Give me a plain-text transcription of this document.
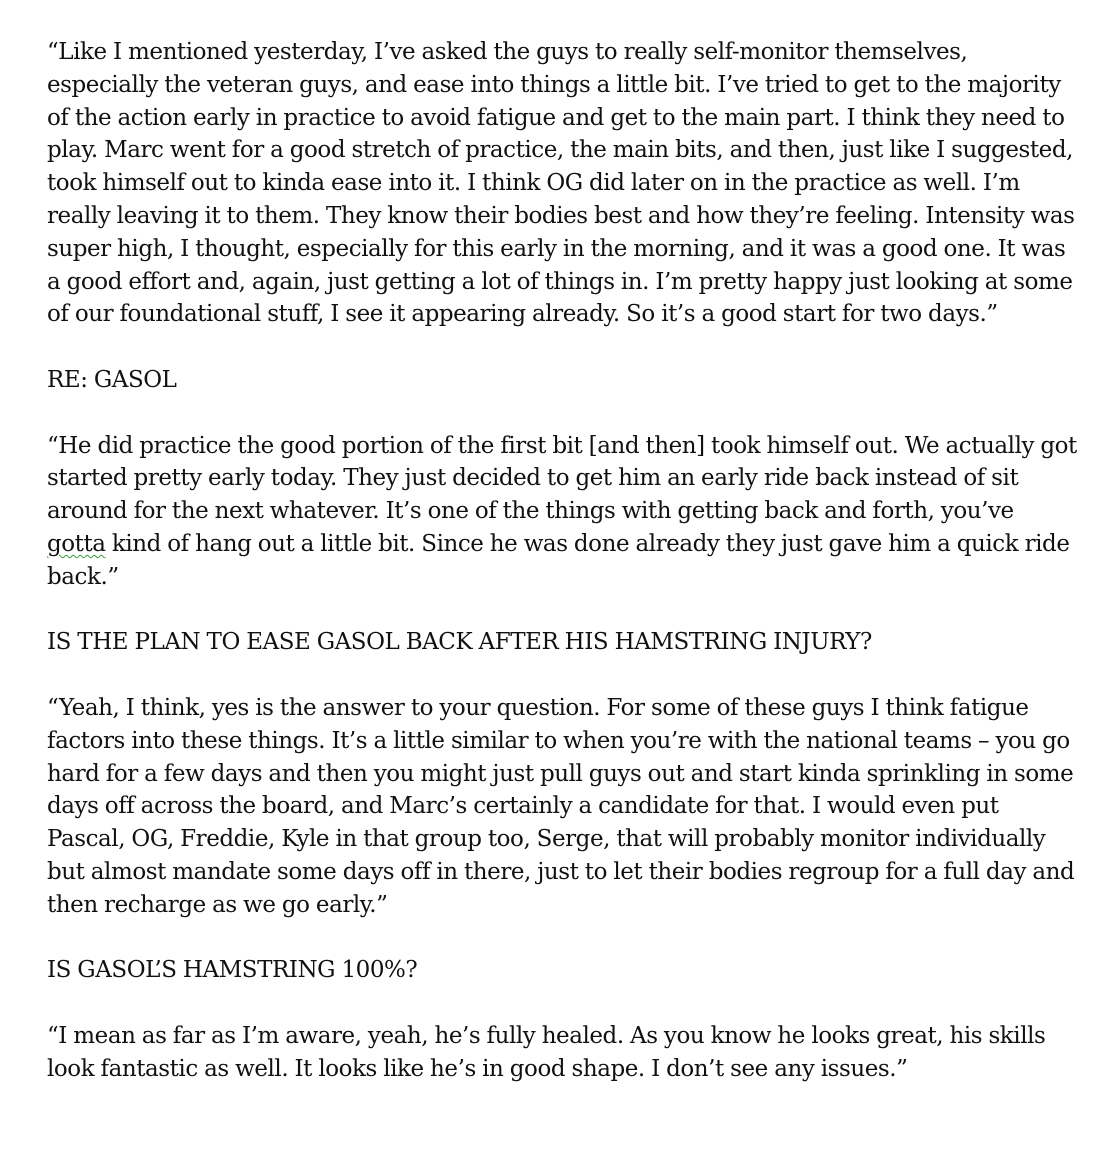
“Like I mentioned yesterday, I’ve asked the guys to really self-monitor themselves, especially the veteran guys, and ease into things a little bit. I’ve tried to get to the majority of the action early in practice to avoid fatigue and get to the main part. I think they need to play. Marc went for a good stretch of practice, the main bits, and then, just like I suggested, took himself out to kinda ease into it. I think OG did later on in the practice as well. I’m really leaving it to them. They know their bodies best and how they’re feeling. Intensity was super high, I thought, especially for this early in the morning, and it was a good one. It was a good effort and, again, just getting a lot of things in. I’m pretty happy just looking at some of our foundational stuff, I see it appearing already. So it’s a good start for two days.”

RE: GASOL

“He did practice the good portion of the first bit [and then] took himself out. We actually got started pretty early today. They just decided to get him an early ride back instead of sit around for the next whatever. It’s one of the things with getting back and forth, you’ve gotta kind of hang out a little bit. Since he was done already they just gave him a quick ride back.”

IS THE PLAN TO EASE GASOL BACK AFTER HIS HAMSTRING INJURY?

“Yeah, I think, yes is the answer to your question. For some of these guys I think fatigue factors into these things. It’s a little similar to when you’re with the national teams – you go hard for a few days and then you might just pull guys out and start kinda sprinkling in some days off across the board, and Marc’s certainly a candidate for that. I would even put Pascal, OG, Freddie, Kyle in that group too, Serge, that will probably monitor individually but almost mandate some days off in there, just to let their bodies regroup for a full day and then recharge as we go early.”

IS GASOL’S HAMSTRING 100%?

“I mean as far as I’m aware, yeah, he’s fully healed. As you know he looks great, his skills look fantastic as well. It looks like he’s in good shape. I don’t see any issues.”
